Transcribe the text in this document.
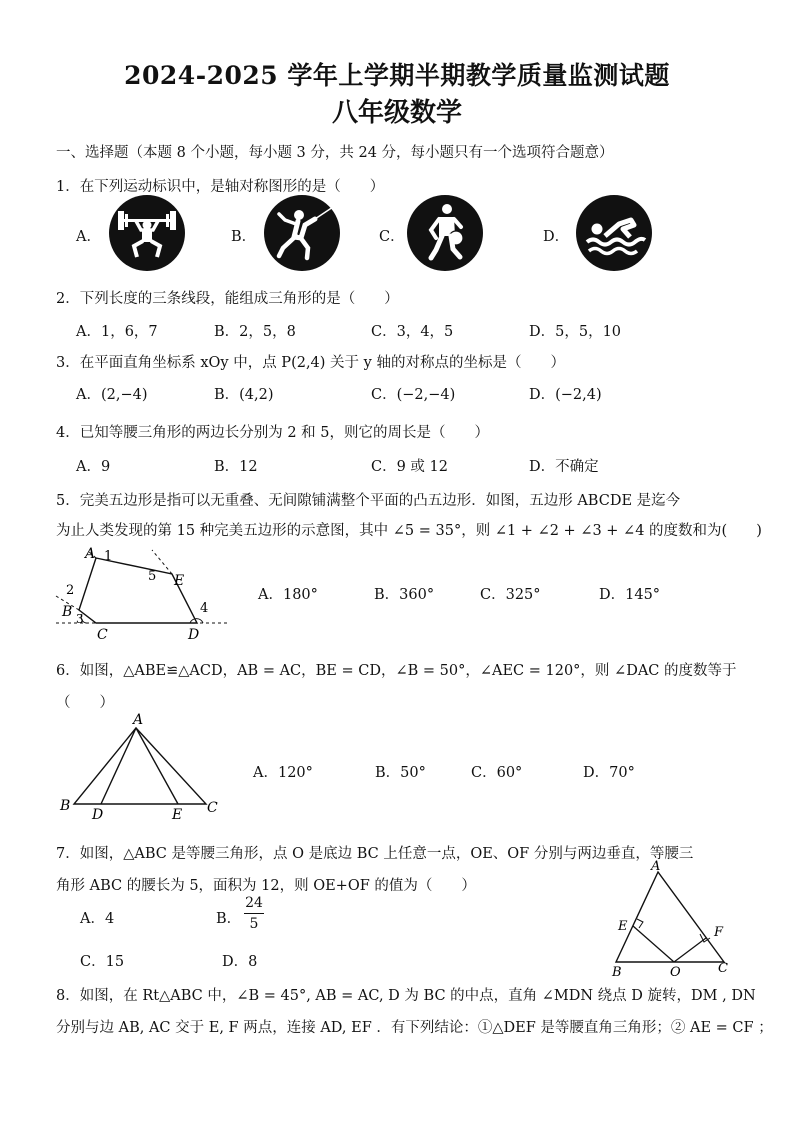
2024-2025 学年上学期半期教学质量监测试题
八年级数学
一、选择题（本题 8 个小题，每小题 3 分，共 24 分，每小题只有一个选项符合题意）
1．在下列运动标识中，是轴对称图形的是（　　）
A．	B．	C．	D．
2．下列长度的三条线段，能组成三角形的是（　　）
A．1，6，7	B．2，5，8	C．3，4，5	D．5，5，10
3．在平面直角坐标系 xOy 中，点 P(2,4) 关于 y 轴的对称点的坐标是（　　）
A．(2,−4)	B．(4,2)	C．(−2,−4)	D．(−2,4)
4．已知等腰三角形的两边长分别为 2 和 5，则它的周长是（　　）
A．9	B．12	C．9 或 12	D．不确定
5．完美五边形是指可以无重叠、无间隙铺满整个平面的凸五边形．如图，五边形 ABCDE 是迄今
为止人类发现的第 15 种完美五边形的示意图，其中 ∠5 = 35°，则 ∠1 + ∠2 + ∠3 + ∠4 的度数和为(　　)
A 1
5 E
2
B 3
C	D
4
A．180°	B．360°	C．325°	D．145°
6．如图，△ABE≌△ACD，AB = AC，BE = CD，∠B = 50°，∠AEC = 120°，则 ∠DAC 的度数等于
（　　）
A
B
D	E C
A．120°	B．50°	C．60°	D．70°
7．如图，△ABC 是等腰三角形，点 O 是底边 BC 上任意一点，OE、OF 分别与两边垂直，等腰三
角形 ABC 的腰长为 5，面积为 12，则 OE+OF 的值为（　　）
A．4	B．
24
5
C．15	D．8
A
E	F
B	O	C
8．如图，在 Rt△ABC 中，∠B = 45°, AB = AC, D 为 BC 的中点，直角 ∠MDN 绕点 D 旋转，DM , DN
分别与边 AB, AC 交于 E, F 两点，连接 AD, EF ．有下列结论：①△DEF 是等腰直角三角形；② AE = CF ；
